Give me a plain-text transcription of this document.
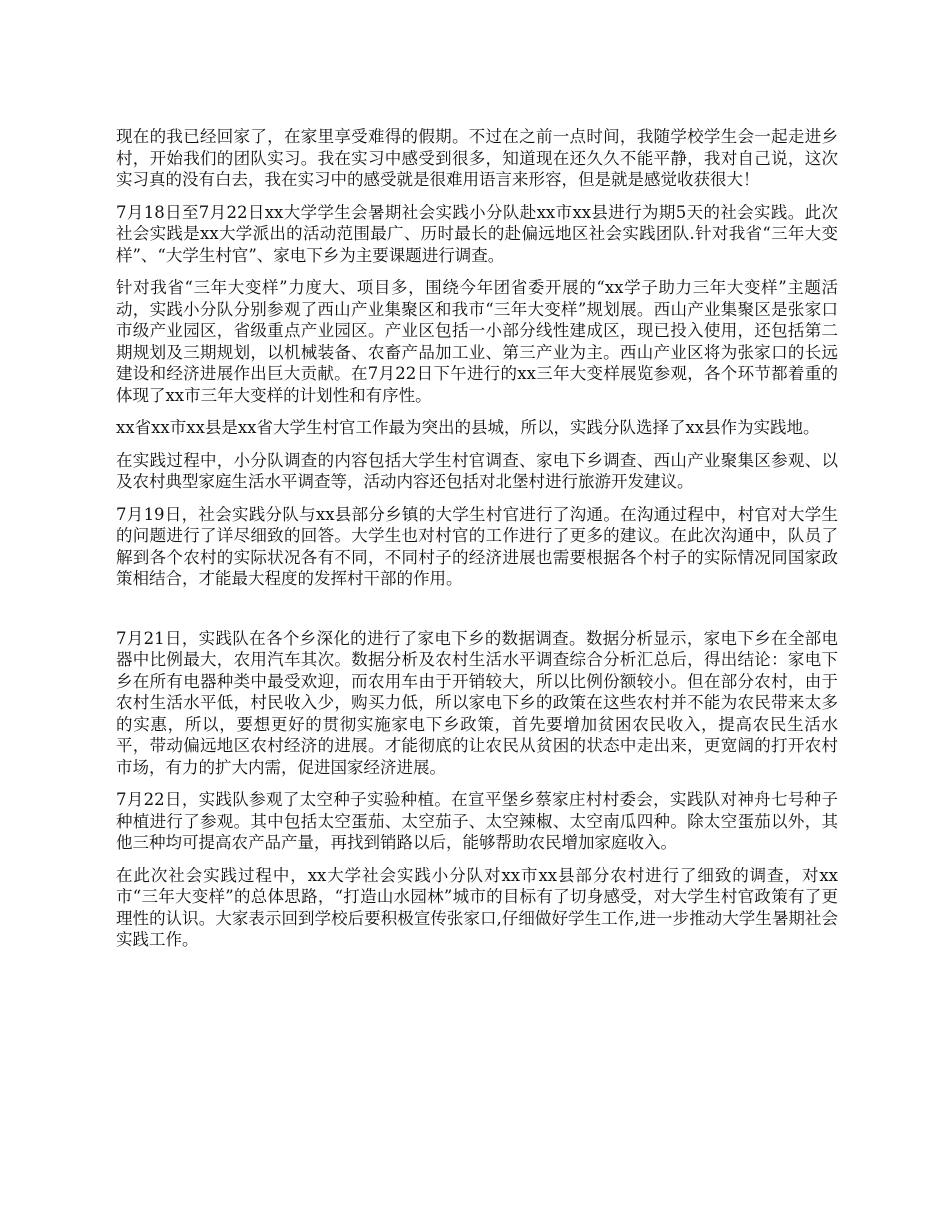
现在的我已经回家了，在家里享受难得的假期。不过在之前一点时间，我随学校学生会一起走进乡村，开始我们的团队实习。我在实习中感受到很多，知道现在还久久不能平静，我对自己说，这次实习真的没有白去，我在实习中的感受就是很难用语言来形容，但是就是感觉收获很大！

7月18日至7月22日xx大学学生会暑期社会实践小分队赴xx市xx县进行为期5天的社会实践。此次社会实践是xx大学派出的活动范围最广、历时最长的赴偏远地区社会实践团队.针对我省“三年大变样”、“大学生村官”、家电下乡为主要课题进行调查。

针对我省“三年大变样”力度大、项目多，围绕今年团省委开展的“xx学子助力三年大变样”主题活动，实践小分队分别参观了西山产业集聚区和我市“三年大变样”规划展。西山产业集聚区是张家口市级产业园区，省级重点产业园区。产业区包括一小部分线性建成区，现已投入使用，还包括第二期规划及三期规划，以机械装备、农畜产品加工业、第三产业为主。西山产业区将为张家口的长远建设和经济进展作出巨大贡献。在7月22日下午进行的xx三年大变样展览参观，各个环节都着重的体现了xx市三年大变样的计划性和有序性。

xx省xx市xx县是xx省大学生村官工作最为突出的县城，所以，实践分队选择了xx县作为实践地。

在实践过程中，小分队调查的内容包括大学生村官调查、家电下乡调查、西山产业聚集区参观、以及农村典型家庭生活水平调查等，活动内容还包括对北堡村进行旅游开发建议。

7月19日，社会实践分队与xx县部分乡镇的大学生村官进行了沟通。在沟通过程中，村官对大学生的问题进行了详尽细致的回答。大学生也对村官的工作进行了更多的建议。在此次沟通中，队员了解到各个农村的实际状况各有不同，不同村子的经济进展也需要根据各个村子的实际情况同国家政策相结合，才能最大程度的发挥村干部的作用。

7月21日，实践队在各个乡深化的进行了家电下乡的数据调查。数据分析显示，家电下乡在全部电器中比例最大，农用汽车其次。数据分析及农村生活水平调查综合分析汇总后，得出结论：家电下乡在所有电器种类中最受欢迎，而农用车由于开销较大，所以比例份额较小。但在部分农村，由于农村生活水平低，村民收入少，购买力低，所以家电下乡的政策在这些农村并不能为农民带来太多的实惠，所以，要想更好的贯彻实施家电下乡政策，首先要增加贫困农民收入，提高农民生活水平，带动偏远地区农村经济的进展。才能彻底的让农民从贫困的状态中走出来，更宽阔的打开农村市场，有力的扩大内需，促进国家经济进展。

7月22日，实践队参观了太空种子实验种植。在宣平堡乡蔡家庄村村委会，实践队对神舟七号种子种植进行了参观。其中包括太空蛋茄、太空茄子、太空辣椒、太空南瓜四种。除太空蛋茄以外，其他三种均可提高农产品产量，再找到销路以后，能够帮助农民增加家庭收入。

在此次社会实践过程中，xx大学社会实践小分队对xx市xx县部分农村进行了细致的调查，对xx市“三年大变样”的总体思路，“打造山水园林”城市的目标有了切身感受，对大学生村官政策有了更理性的认识。大家表示回到学校后要积极宣传张家口,仔细做好学生工作,进一步推动大学生暑期社会实践工作。
